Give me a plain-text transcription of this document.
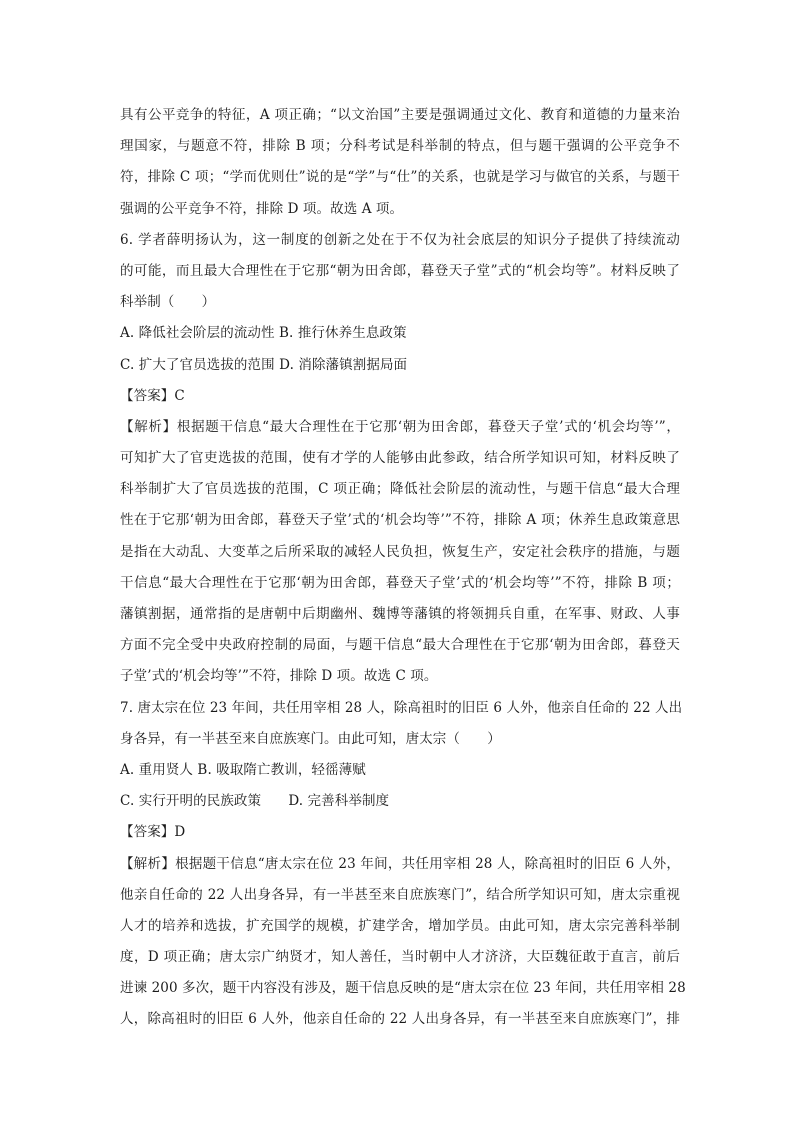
具有公平竞争的特征，A 项正确；“以文治国”主要是强调通过文化、教育和道德的力量来治
理国家，与题意不符，排除 B 项；分科考试是科举制的特点，但与题干强调的公平竞争不
符，排除 C 项；“学而优则仕”说的是“学”与“仕”的关系，也就是学习与做官的关系，与题干
强调的公平竞争不符，排除 D 项。故选 A 项。
6. 学者薛明扬认为，这一制度的创新之处在于不仅为社会底层的知识分子提供了持续流动
的可能，而且最大合理性在于它那“朝为田舍郎，暮登天子堂”式的“机会均等”。材料反映了
科举制（　　）
A. 降低社会阶层的流动性 B. 推行休养生息政策
C. 扩大了官员选拔的范围 D. 消除藩镇割据局面
【答案】C
【解析】根据题干信息“最大合理性在于它那‘朝为田舍郎，暮登天子堂’式的‘机会均等’”，
可知扩大了官吏选拔的范围，使有才学的人能够由此参政，结合所学知识可知，材料反映了
科举制扩大了官员选拔的范围，C 项正确；降低社会阶层的流动性，与题干信息“最大合理
性在于它那‘朝为田舍郎，暮登天子堂’式的‘机会均等’”不符，排除 A 项；休养生息政策意思
是指在大动乱、大变革之后所采取的减轻人民负担，恢复生产，安定社会秩序的措施，与题
干信息“最大合理性在于它那‘朝为田舍郎，暮登天子堂’式的‘机会均等’”不符，排除 B 项；
藩镇割据，通常指的是唐朝中后期幽州、魏博等藩镇的将领拥兵自重，在军事、财政、人事
方面不完全受中央政府控制的局面，与题干信息“最大合理性在于它那‘朝为田舍郎，暮登天
子堂’式的‘机会均等’”不符，排除 D 项。故选 C 项。
7. 唐太宗在位 23 年间，共任用宰相 28 人，除高祖时的旧臣 6 人外，他亲自任命的 22 人出
身各异，有一半甚至来自庶族寒门。由此可知，唐太宗（　　）
A. 重用贤人 B. 吸取隋亡教训，轻徭薄赋
C. 实行开明的民族政策　　D. 完善科举制度
【答案】D
【解析】根据题干信息“唐太宗在位 23 年间，共任用宰相 28 人，除高祖时的旧臣 6 人外，
他亲自任命的 22 人出身各异，有一半甚至来自庶族寒门”，结合所学知识可知，唐太宗重视
人才的培养和选拔，扩充国学的规模，扩建学舍，增加学员。由此可知，唐太宗完善科举制
度，D 项正确；唐太宗广纳贤才，知人善任，当时朝中人才济济，大臣魏征敢于直言，前后
进谏 200 多次，题干内容没有涉及，题干信息反映的是“唐太宗在位 23 年间，共任用宰相 28
人，除高祖时的旧臣 6 人外，他亲自任命的 22 人出身各异，有一半甚至来自庶族寒门”，排
